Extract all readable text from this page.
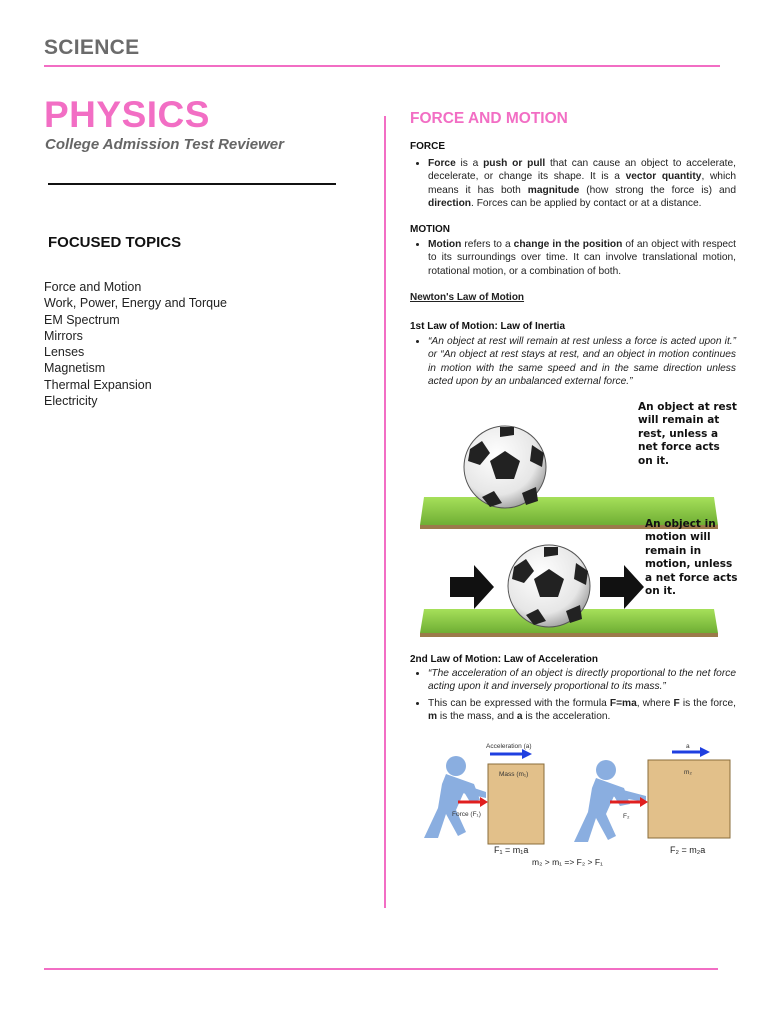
SCIENCE
PHYSICS
College Admission Test Reviewer
FOCUSED TOPICS
Force and Motion
Work, Power, Energy and Torque
EM Spectrum
Mirrors
Lenses
Magnetism
Thermal Expansion
Electricity
FORCE AND MOTION

FORCE

• Force is a push or pull that can cause an object to accelerate, decelerate, or change its shape. It is a vector quantity, which means it has both magnitude (how strong the force is) and direction. Forces can be applied by contact or at a distance.

MOTION

• Motion refers to a change in the position of an object with respect to its surroundings over time. It can involve translational motion, rotational motion, or a combination of both.
Newton's Law of Motion

1st Law of Motion: Law of Inertia

• “An object at rest will remain at rest unless a force is acted upon it.” or “An object at rest stays at rest, and an object in motion continues in motion with the same speed and in the same direction unless acted upon by an unbalanced external force.”
An object at rest will remain at rest, unless a net force acts on it.
An object in motion will remain in motion, unless a net force acts on it.

2nd Law of Motion: Law of Acceleration

• “The acceleration of an object is directly proportional to the net force acting upon it and inversely proportional to its mass.”
• This can be expressed with the formula F=ma, where F is the force, m is the mass, and a is the acceleration.
Acceleration (a)
Mass (m₁)
Force (F₁)
a
m₂
F₂
F₁ = m₁a	F₂ = m₂a
m₂ > m₁ => F₂ > F₁
